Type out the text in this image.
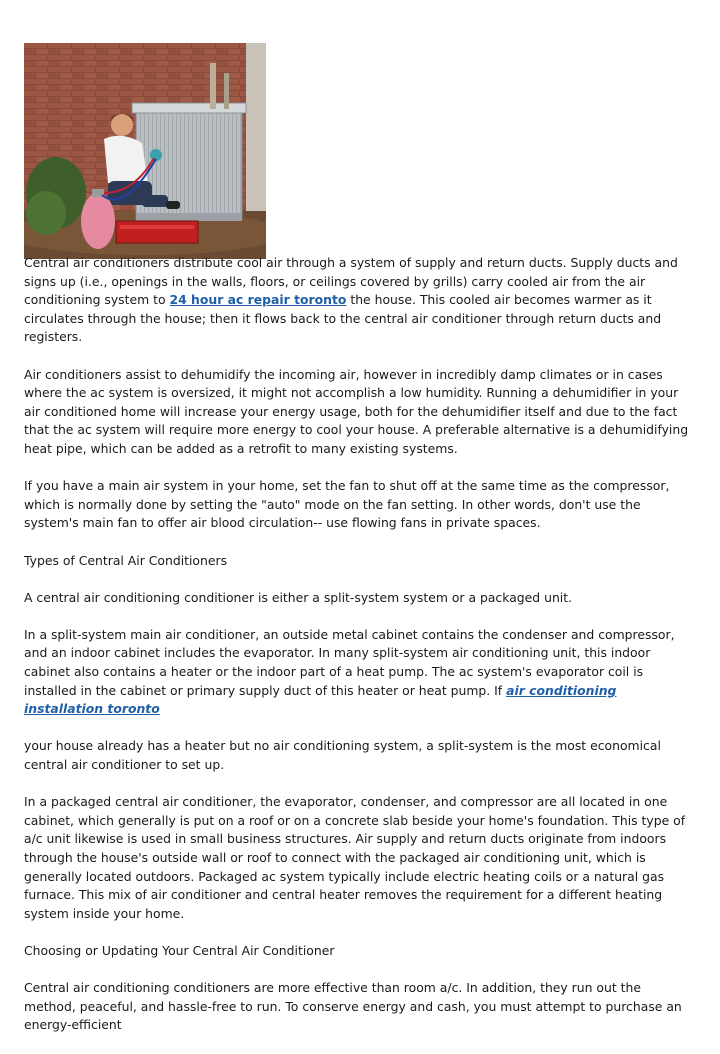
Central air conditioners distribute cool air through a system of supply and return ducts. Supply ducts and signs up (i.e., openings in the walls, floors, or ceilings covered by grills) carry cooled air from the air conditioning system to 24 hour ac repair toronto the house. This cooled air becomes warmer as it circulates through the house; then it flows back to the central air conditioner through return ducts and registers.

Air conditioners assist to dehumidify the incoming air, however in incredibly damp climates or in cases where the ac system is oversized, it might not accomplish a low humidity. Running a dehumidifier in your air conditioned home will increase your energy usage, both for the dehumidifier itself and due to the fact that the ac system will require more energy to cool your house. A preferable alternative is a dehumidifying heat pipe, which can be added as a retrofit to many existing systems.

If you have a main air system in your home, set the fan to shut off at the same time as the compressor, which is normally done by setting the "auto" mode on the fan setting. In other words, don't use the system's main fan to offer air blood circulation-- use flowing fans in private spaces.

Types of Central Air Conditioners

A central air conditioning conditioner is either a split-system system or a packaged unit.

In a split-system main air conditioner, an outside metal cabinet contains the condenser and compressor, and an indoor cabinet includes the evaporator. In many split-system air conditioning unit, this indoor cabinet also contains a heater or the indoor part of a heat pump. The ac system's evaporator coil is installed in the cabinet or primary supply duct of this heater or heat pump. If air conditioning installation toronto

your house already has a heater but no air conditioning system, a split-system is the most economical central air conditioner to set up.

In a packaged central air conditioner, the evaporator, condenser, and compressor are all located in one cabinet, which generally is put on a roof or on a concrete slab beside your home's foundation. This type of a/c unit likewise is used in small business structures. Air supply and return ducts originate from indoors through the house's outside wall or roof to connect with the packaged air conditioning unit, which is generally located outdoors. Packaged ac system typically include electric heating coils or a natural gas furnace. This mix of air conditioner and central heater removes the requirement for a different heating system inside your home.

Choosing or Updating Your Central Air Conditioner

Central air conditioning conditioners are more effective than room a/c. In addition, they run out the method, peaceful, and hassle-free to run. To conserve energy and cash, you must attempt to purchase an energy-efficient
